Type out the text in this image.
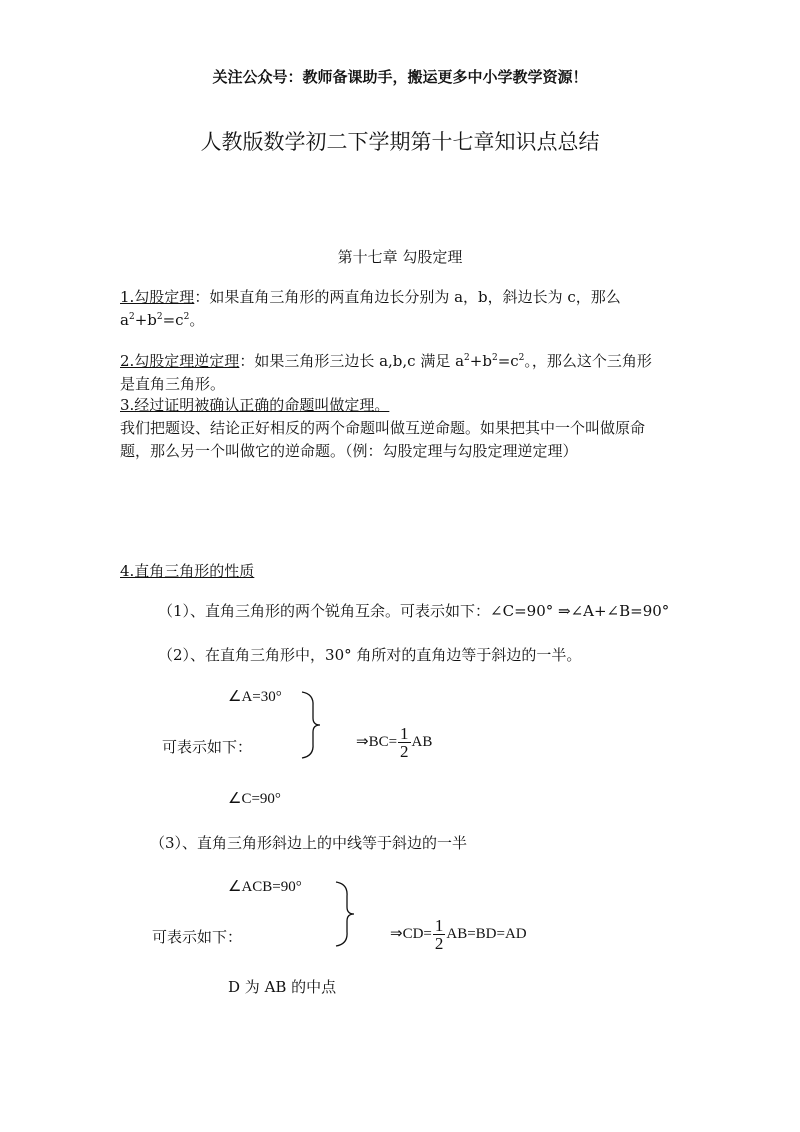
关注公众号：教师备课助手，搬运更多中小学教学资源！
人教版数学初二下学期第十七章知识点总结
第十七章 勾股定理
1.勾股定理：如果直角三角形的两直角边长分别为 a，b，斜边长为 c，那么 $a^2+b^2=c^2$。
2.勾股定理逆定理：如果三角形三边长 a,b,c 满足 $a^2+b^2=c^2$。，那么这个三角形
是直角三角形。
3.经过证明被确认正确的命题叫做定理。
我们把题设、结论正好相反的两个命题叫做互逆命题。如果把其中一个叫做原命
题，那么另一个叫做它的逆命题。（例：勾股定理与勾股定理逆定理）
4.直角三角形的性质
（1）、直角三角形的两个锐角互余。可表示如下：∠C=90° ⇒∠A+∠B=90°
（2）、在直角三角形中，30° 角所对的直角边等于斜边的一半。
∠A=30°
可表示如下：	⇒BC= $\frac{1}{2}$ AB
∠C=90°
（3）、直角三角形斜边上的中线等于斜边的一半
∠ACB=90°
可表示如下：	⇒CD= $\frac{1}{2} AB=BD=AD$
D 为 AB 的中点
